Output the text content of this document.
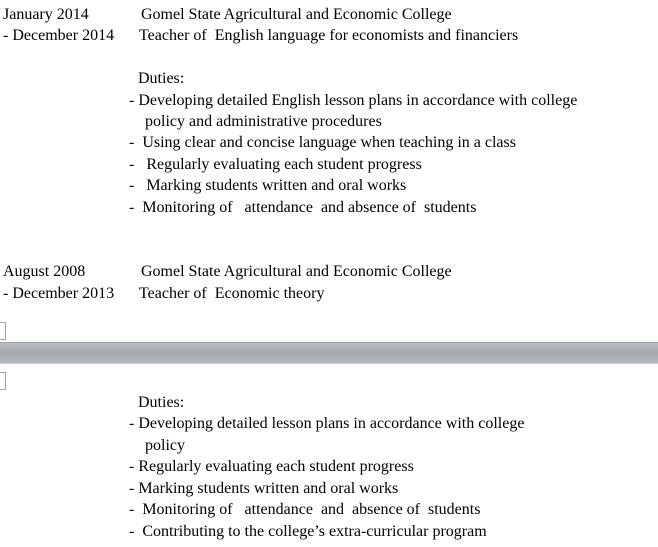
January 2014	Gomel State Agricultural and Economic College
- December 2014 Teacher of  English language for economists and financiers
Duties:
- Developing detailed English lesson plans in accordance with college
policy and administrative procedures
-  Using clear and concise language when teaching in a class
-   Regularly evaluating each student progress
-   Marking students written and oral works
-  Monitoring of   attendance  and absence of  students
August 2008	Gomel State Agricultural and Economic College
- December 2013 Teacher of  Economic theory
Duties:
- Developing detailed lesson plans in accordance with college
policy
- Regularly evaluating each student progress
- Marking students written and oral works
-  Monitoring of   attendance  and  absence of  students
-  Contributing to the college’s extra-curricular program
